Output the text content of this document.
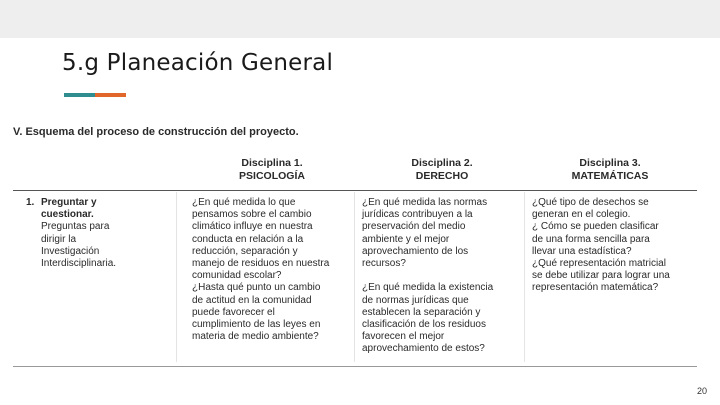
5.g Planeación General
V. Esquema del proceso de construcción del proyecto.
Disciplina 1.
PSICOLOGÍA
Disciplina 2.
DERECHO
Disciplina 3.
MATEMÁTICAS
1. Preguntar y
cuestionar.
Preguntas para
dirigir la
Investigación
Interdisciplinaria.
¿En qué medida lo que
pensamos sobre el cambio
climático influye en nuestra
conducta en relación a la
reducción, separación y
manejo de residuos en nuestra
comunidad escolar?
¿Hasta qué punto un cambio
de actitud en la comunidad
puede favorecer el
cumplimiento de las leyes en
materia de medio ambiente?
¿En qué medida las normas
jurídicas contribuyen a la
preservación del medio
ambiente y el mejor
aprovechamiento de los
recursos?

¿En qué medida la existencia
de normas jurídicas que
establecen la separación y
clasificación de los residuos
favorecen el mejor
aprovechamiento de estos?
¿Qué tipo de desechos se
generan en el colegio.
¿ Cómo se pueden clasificar
de una forma sencilla para
llevar una estadística?
¿Qué representación matricial
se debe utilizar para lograr una
representación matemática?
20
